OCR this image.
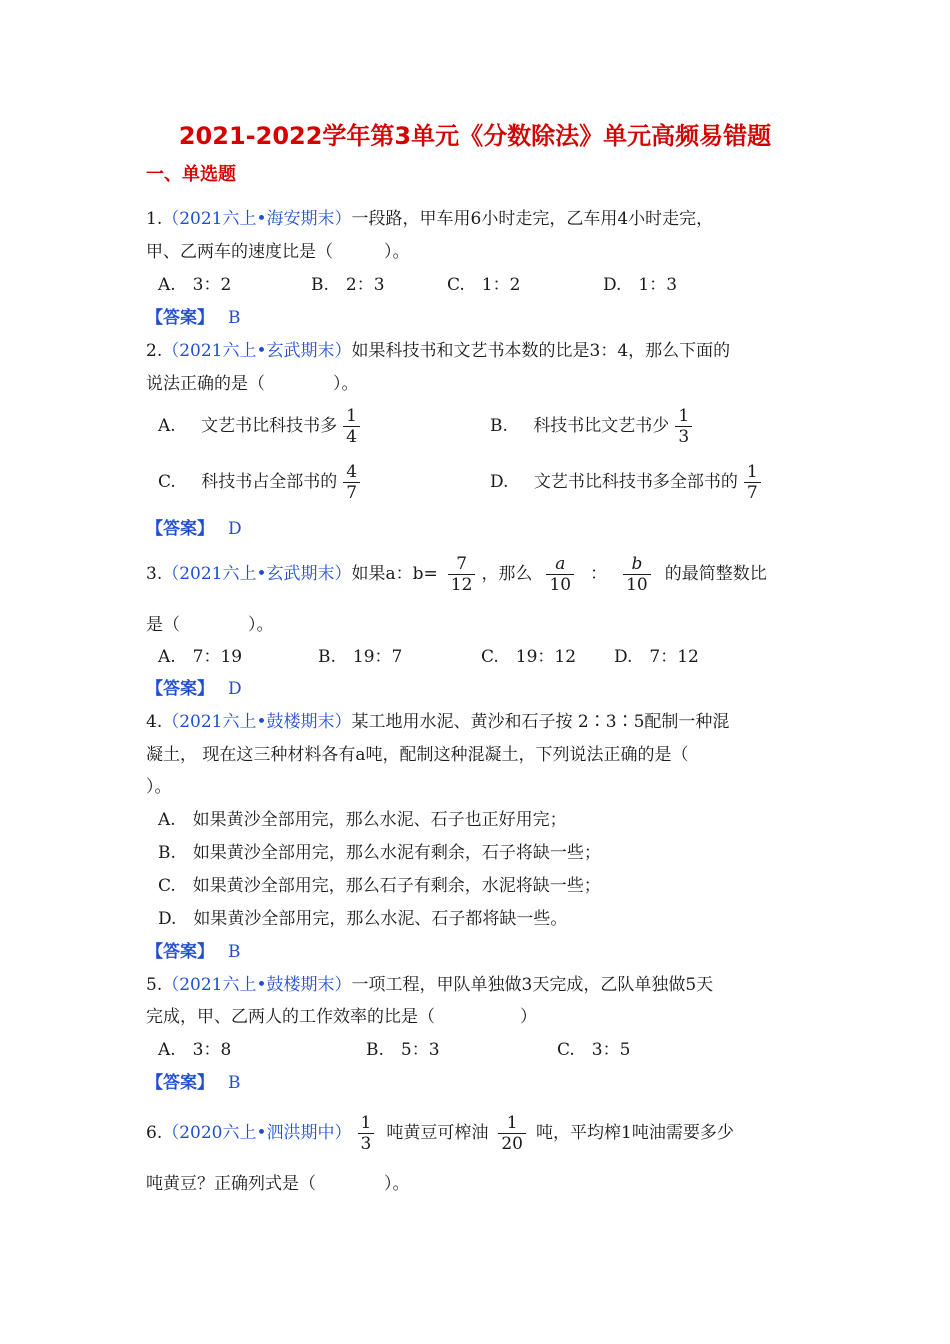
2021-2022学年第3单元《分数除法》单元高频易错题
一、单选题
1.（2021六上•海安期末）一段路，甲车用6小时走完，乙车用4小时走完，
甲、乙两车的速度比是（　　　）。
A.　3：2	B.　2：3	C.　1：2	D.　1：3
【答案】 B
2.（2021六上•玄武期末）如果科技书和文艺书本数的比是3：4，那么下面的
说法正确的是（　　　　）。
A. 文艺书比科技书多 $\frac{1}{4}$	B. 科技书比文艺书少 $\frac{1}{3}$
C. 科技书占全部书的 $\frac{4}{7}$	D. 文艺书比科技书多全部书的 $\frac{1}{7}$
【答案】 D
3.（2021六上•玄武期末）如果a：$b= \frac{7}{12}$ ，那么 $\frac{a}{10}$ ： $\frac{b}{10}$ 的最简整数比
是（　　　　）。
A.　7：19	B.　19：7	C.　19：12 D.　7：12
【答案】 D
4.（2021六上•鼓楼期末）某工地用水泥、黄沙和石子按 2∶3∶5配制一种混
凝土， 现在这三种材料各有a吨，配制这种混凝土，下列说法正确的是（
）。
A.　如果黄沙全部用完，那么水泥、石子也正好用完；
B.　如果黄沙全部用完，那么水泥有剩余，石子将缺一些；
C.　如果黄沙全部用完，那么石子有剩余，水泥将缺一些；
D.　如果黄沙全部用完，那么水泥、石子都将缺一些。
【答案】 B
5.（2021六上•鼓楼期末）一项工程，甲队单独做3天完成，乙队单独做5天
完成，甲、乙两人的工作效率的比是（　　　　　）
A.　3：8	B.　5：3	C.　3：5
【答案】 B
6.（2020六上•泗洪期中） $\frac{1}{3}$ 吨黄豆可榨油 $\frac{1}{20}$ 吨，平均榨1吨油需要多少
吨黄豆？正确列式是（　　　　）。
